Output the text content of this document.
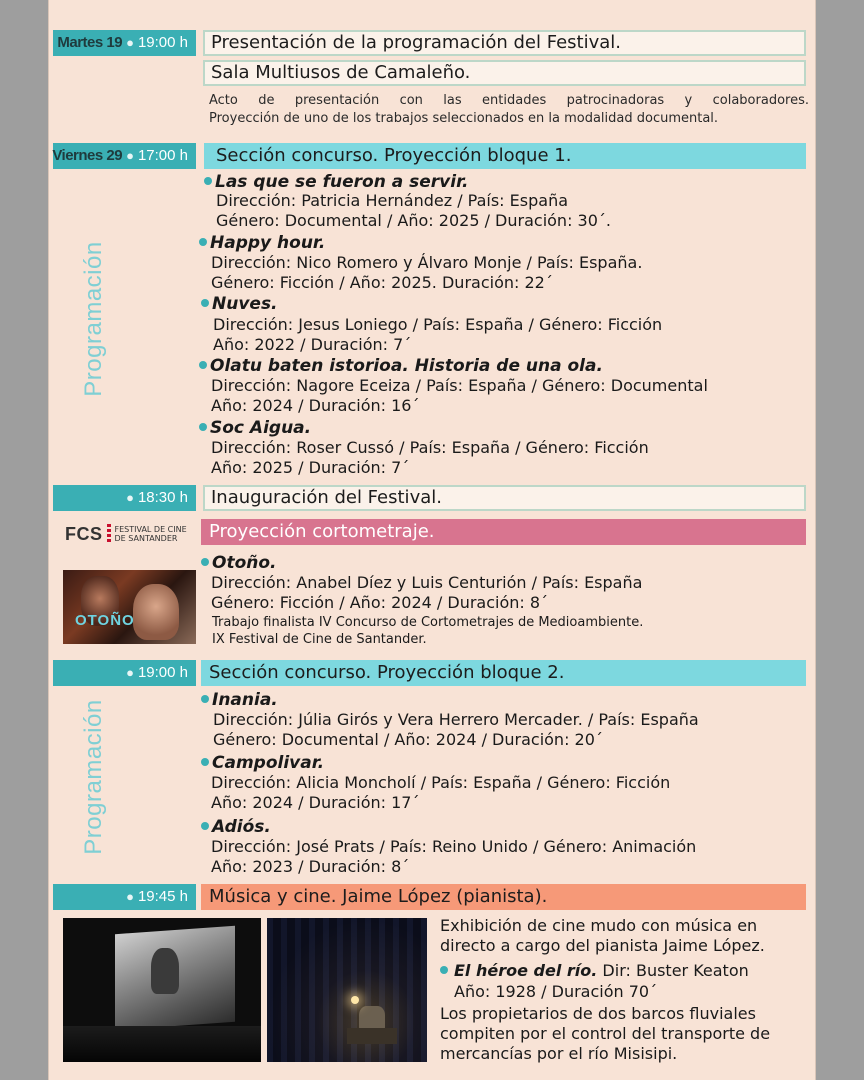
Martes 19 ● 19:00 h	Presentación de la programación del Festival.
Sala Multiusos de Camaleño.
Acto de presentación con las entidades patrocinadoras y colaboradores.
Proyección de uno de los trabajos seleccionados en la modalidad documental.
Viernes 29 ● 17:00 h	Sección concurso. Proyección bloque 1.
Programación
Las que se fueron a servir.
Dirección: Patricia Hernández / País: España
Género: Documental / Año: 2025 / Duración: 30´.
Happy hour.
Dirección: Nico Romero y Álvaro Monje / País: España.
Género: Ficción / Año: 2025. Duración: 22´
Nuves.
Dirección: Jesus Loniego / País: España / Género: Ficción
Año: 2022 / Duración: 7´
Olatu baten istorioa. Historia de una ola.
Dirección: Nagore Eceiza / País: España / Género: Documental
Año: 2024 / Duración: 16´
Soc Aigua.
Dirección: Roser Cussó / País: España / Género: Ficción
Año: 2025 / Duración: 7´
● 18:30 h	Inauguración del Festival.
FCS FESTIVAL DE CINE
DE SANTANDER	Proyección cortometraje.
OTOÑO
Otoño.
Dirección: Anabel Díez y Luis Centurión / País: España
Género: Ficción / Año: 2024 / Duración: 8´
Trabajo finalista IV Concurso de Cortometrajes de Medioambiente.
IX Festival de Cine de Santander.
● 19:00 h	Sección concurso. Proyección bloque 2.
Programación	Inania.
Dirección: Júlia Girós y Vera Herrero Mercader. / País: España
Género: Documental / Año: 2024 / Duración: 20´
Campolivar.
Dirección: Alicia Moncholí / País: España / Género: Ficción
Año: 2024 / Duración: 17´
Adiós.
Dirección: José Prats / País: Reino Unido / Género: Animación
Año: 2023 / Duración: 8´
● 19:45 h	Música y cine. Jaime López (pianista).
Exhibición de cine mudo con música en
directo a cargo del pianista Jaime López.
El héroe del río. Dir: Buster Keaton
Año: 1928 / Duración 70´
Los propietarios de dos barcos fluviales
compiten por el control del transporte de
mercancías por el río Misisipi.
